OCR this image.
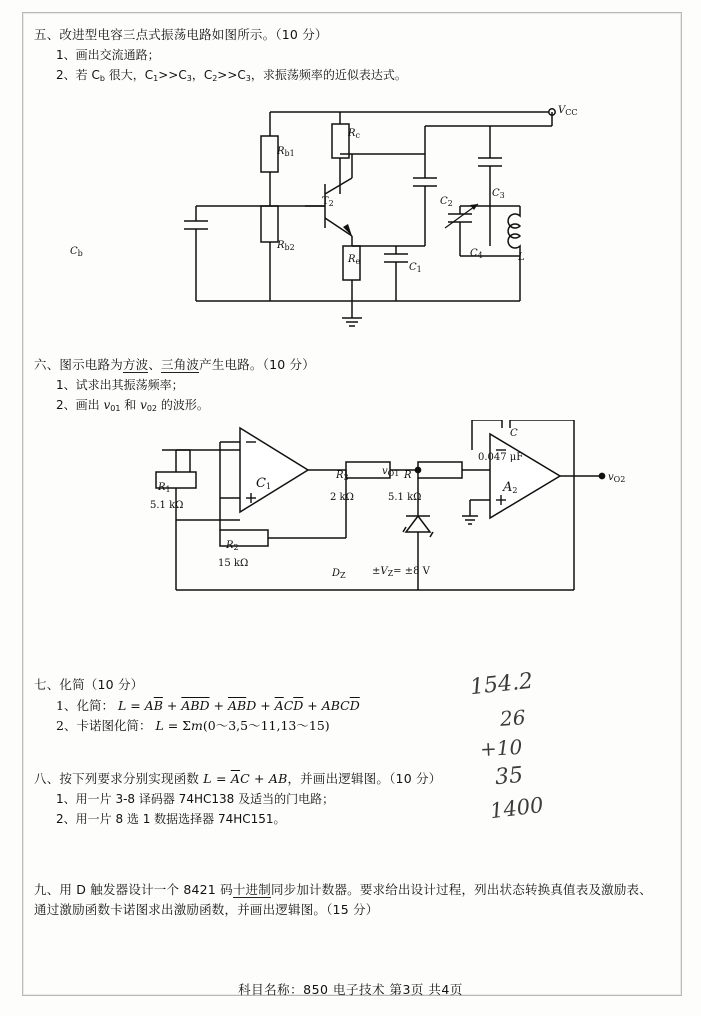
五、改进型电容三点式振荡电路如图所示。（10 分）

1、画出交流通路；

2、若 $C_b$ 很大，$C_1>>C_3$，$C_2>>C_3$，求振荡频率的近似表达式。

$V_{CC}$
$R_{b1}$
$R_{b2}$
$R_c$
$R_e$
$C_b$
$C_1$
$C_2$
$C_3$
$C_4$	L
$T_2$

六、图示电路为方波、三角波产生电路。（10 分）

1、试求出其振荡频率；

2、画出 $v_{01}$ 和 $v_{02}$ 的波形。

$R_1$
5.1 kΩ
$R_2$
15 kΩ
$R_3$
2 kΩ
R
5.1 kΩ
$v_{O1}$	$v_{O2}$
C
0.047 μF
$C_1$	$A_2$
$D_Z$	$\pm V_Z= \pm 8$ V

七、化简（10 分）

1、化简： $L = A\overline{B} + \overline{ABD} + \overline{AB}D + \overline{A}C\overline{D} + ABC\overline{D}$

2、卡诺图化简： L = Σm(0～3,5～11,13～15)

八、按下列要求分别实现函数 $L = \overline{A}C$ + AB，并画出逻辑图。（10 分）

1、用一片 3-8 译码器 74HC138 及适当的门电路；

2、用一片 8 选 1 数据选择器 74HC151。

九、用 D 触发器设计一个 8421 码十进制同步加计数器。要求给出设计过程，列出状态转换真值表及激励表、通过激励函数卡诺图求出激励函数，并画出逻辑图。（15 分）

154.2
26
+10
35
1400
科目名称：850 电子技术 第3页 共4页
